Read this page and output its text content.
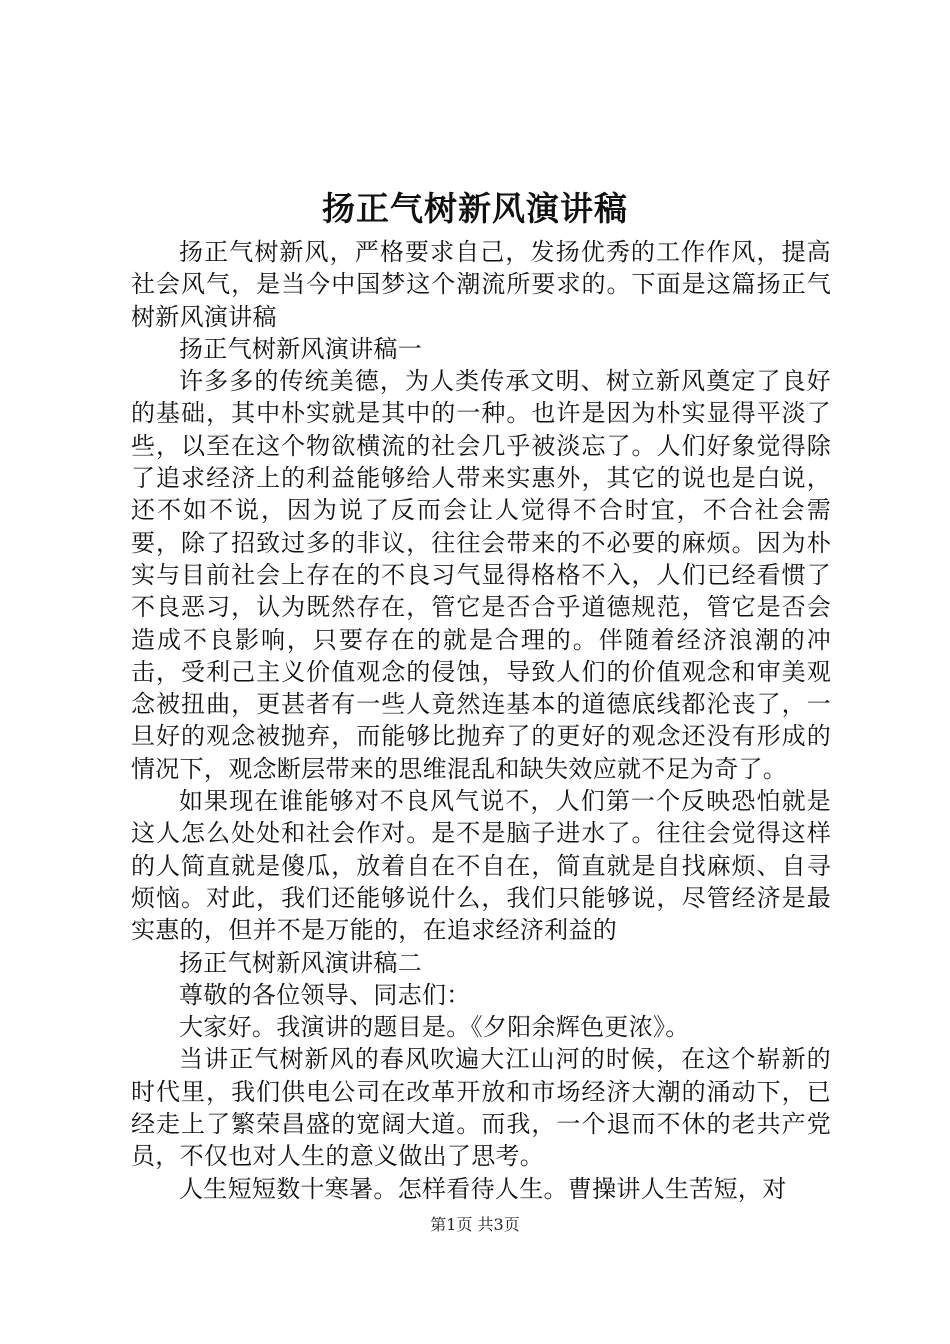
扬正气树新风演讲稿

扬正气树新风，严格要求自己，发扬优秀的工作作风，提高社会风气，是当今中国梦这个潮流所要求的。下面是这篇扬正气树新风演讲稿

扬正气树新风演讲稿一

许多多的传统美德，为人类传承文明、树立新风奠定了良好的基础，其中朴实就是其中的一种。也许是因为朴实显得平淡了些，以至在这个物欲横流的社会几乎被淡忘了。人们好象觉得除了追求经济上的利益能够给人带来实惠外，其它的说也是白说，还不如不说，因为说了反而会让人觉得不合时宜，不合社会需要，除了招致过多的非议，往往会带来的不必要的麻烦。因为朴实与目前社会上存在的不良习气显得格格不入，人们已经看惯了不良恶习，认为既然存在，管它是否合乎道德规范，管它是否会造成不良影响，只要存在的就是合理的。伴随着经济浪潮的冲击，受利己主义价值观念的侵蚀，导致人们的价值观念和审美观念被扭曲，更甚者有一些人竟然连基本的道德底线都沦丧了，一旦好的观念被抛弃，而能够比抛弃了的更好的观念还没有形成的情况下，观念断层带来的思维混乱和缺失效应就不足为奇了。

如果现在谁能够对不良风气说不，人们第一个反映恐怕就是这人怎么处处和社会作对。是不是脑子进水了。往往会觉得这样的人简直就是傻瓜，放着自在不自在，简直就是自找麻烦、自寻烦恼。对此，我们还能够说什么，我们只能够说，尽管经济是最实惠的，但并不是万能的，在追求经济利益的

扬正气树新风演讲稿二

尊敬的各位领导、同志们：

大家好。我演讲的题目是。《夕阳余辉色更浓》。

当讲正气树新风的春风吹遍大江山河的时候，在这个崭新的时代里，我们供电公司在改革开放和市场经济大潮的涌动下，已经走上了繁荣昌盛的宽阔大道。而我，一个退而不休的老共产党员，不仅也对人生的意义做出了思考。

人生短短数十寒暑。怎样看待人生。曹操讲人生苦短，对

第1页 共3页
